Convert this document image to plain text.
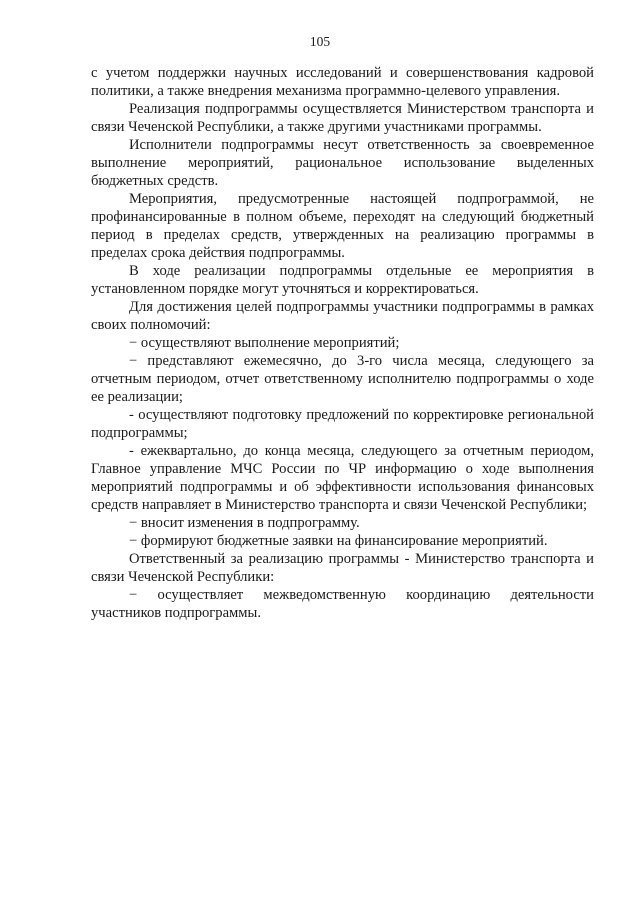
105

с учетом поддержки научных исследований и совершенствования кадровой политики, а также внедрения механизма программно-целевого управления.

Реализация подпрограммы осуществляется Министерством транспорта и связи Чеченской Республики, а также другими участниками программы.

Исполнители подпрограммы несут ответственность за своевременное выполнение мероприятий, рациональное использование выделенных бюджетных средств.

Мероприятия, предусмотренные настоящей подпрограммой, не профинансированные в полном объеме, переходят на следующий бюджетный период в пределах средств, утвержденных на реализацию программы в пределах срока действия подпрограммы.

В ходе реализации подпрограммы отдельные ее мероприятия в установленном порядке могут уточняться и корректироваться.

Для достижения целей подпрограммы участники подпрограммы в рамках своих полномочий:

− осуществляют выполнение мероприятий;

− представляют ежемесячно, до 3-го числа месяца, следующего за отчетным периодом, отчет ответственному исполнителю подпрограммы о ходе ее реализации;

- осуществляют подготовку предложений по корректировке региональной подпрограммы;

- ежеквартально, до конца месяца, следующего за отчетным периодом, Главное управление МЧС России по ЧР информацию о ходе выполнения мероприятий подпрограммы и об эффективности использования финансовых средств направляет в Министерство транспорта и связи Чеченской Республики;

− вносит изменения в подпрограмму.

− формируют бюджетные заявки на финансирование мероприятий.

Ответственный за реализацию программы - Министерство транспорта и связи Чеченской Республики:

− осуществляет межведомственную координацию деятельности участников подпрограммы.
